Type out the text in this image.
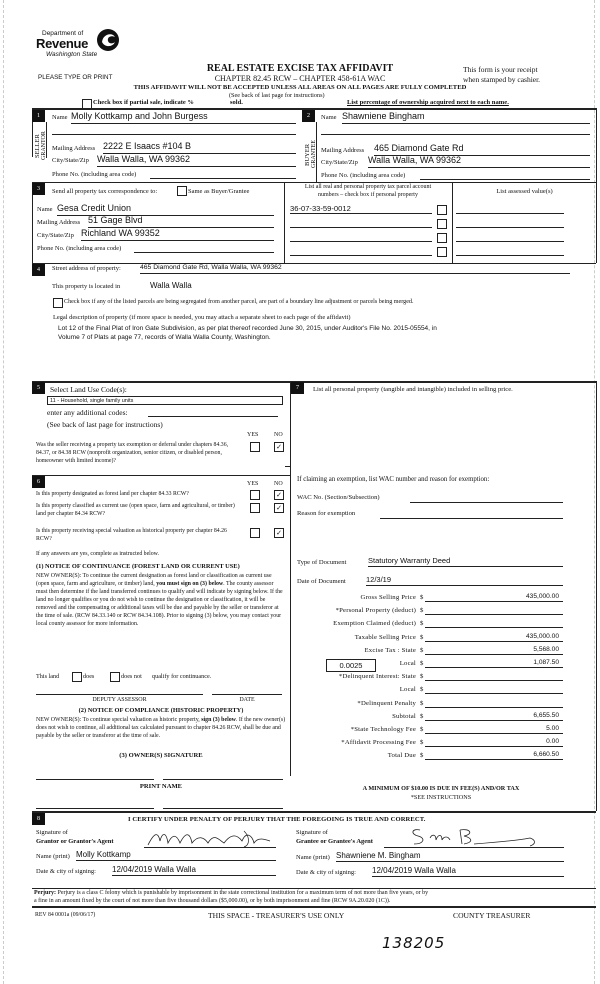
Department of
Revenue
Washington State
PLEASE TYPE OR PRINT
REAL ESTATE EXCISE TAX AFFIDAVIT
CHAPTER 82.45 RCW – CHAPTER 458-61A WAC
THIS AFFIDAVIT WILL NOT BE ACCEPTED UNLESS ALL AREAS ON ALL PAGES ARE FULLY COMPLETED
(See back of last page for instructions)
This form is your receipt
when stamped by cashier.
Check box if partial sale, indicate %	sold.	List percentage of ownership acquired next to each name.
1
SELLER GRANTOR
Name Molly Kottkamp and John Burgess
Mailing Address 2222 E Isaacs #104 B
City/State/Zip Walla Walla, WA 99362
Phone No. (including area code)
2
BUYER GRANTEE
Name Shawniene Bingham
Mailing Address 465 Diamond Gate Rd
City/State/Zip Walla Walla, WA 99362
Phone No. (including area code)
3	Send all property tax correspondence to:	Same as Buyer/Grantee
Name Gesa Credit Union
Mailing Address 51 Gage Blvd
City/State/Zip Richland WA 99352
Phone No. (including area code)
List all real and personal property tax parcel account
numbers – check box if personal property	List assessed value(s)
36-07-33-59-0012
4	Street address of property:	465 Diamond Gate Rd, Walla Walla, WA 99362
This property is located in	Walla Walla
Check box if any of the listed parcels are being segregated from another parcel, are part of a boundary line adjustment or parcels being merged.
Legal description of property (if more space is needed, you may attach a separate sheet to each page of the affidavit)
Lot 12 of the Final Plat of Iron Gate Subdivision, as per plat thereof recorded June 30, 2015, under Auditor's File No. 2015-05554, in
Volume 7 of Plats at page 77, records of Walla Walla County, Washington.
5	Select Land Use Code(s):
11 - Household, single family units
enter any additional codes:
(See back of last page for instructions)
YES	NO
Was the seller receiving a property tax exemption or deferral under chapters 84.36, 84.37, or 84.38 RCW (nonprofit organization, senior citizen, or disabled person, homeowner with limited income)?
✓
6	YES	NO
Is this property designated as forest land per chapter 84.33 RCW?	✓
Is this property classified as current use (open space, farm and agricultural, or timber) land per chapter 84.34 RCW?
✓
Is this property receiving special valuation as historical property per chapter 84.26 RCW?
✓
If any answers are yes, complete as instructed below.
(1) NOTICE OF CONTINUANCE (FOREST LAND OR CURRENT USE)
NEW OWNER(S): To continue the current designation as forest land or classification as current use (open space, farm and agriculture, or timber) land, you must sign on (3) below. The county assessor must then determine if the land transferred continues to qualify and will indicate by signing below. If the land no longer qualifies or you do not wish to continue the designation or classification, it will be removed and the compensating or additional taxes will be due and payable by the seller or transferor at the time of sale. (RCW 84.33.140 or RCW 84.34.108). Prior to signing (3) below, you may contact your local county assessor for more information.
This land	does	does not qualify for continuance.
DEPUTY ASSESSOR	DATE
(2) NOTICE OF COMPLIANCE (HISTORIC PROPERTY)
NEW OWNER(S): To continue special valuation as historic property, sign (3) below. If the new owner(s) does not wish to continue, all additional tax calculated pursuant to chapter 84.26 RCW, shall be due and payable by the seller or transferor at the time of sale.
(3) OWNER(S) SIGNATURE
PRINT NAME
7	List all personal property (tangible and intangible) included in selling price.
If claiming an exemption, list WAC number and reason for exemption:
WAC No. (Section/Subsection)
Reason for exemption
Type of Document	Statutory Warranty Deed
Date of Document	12/3/19
0.0025
Gross Selling Price $	435,000.00
*Personal Property (deduct) $
Exemption Claimed (deduct) $
Taxable Selling Price $	435,000.00
Excise Tax : State $	5,568.00
Local $	1,087.50
*Delinquent Interest: State $
Local $
*Delinquent Penalty $
Subtotal $	6,655.50
*State Technology Fee $	5.00
*Affidavit Processing Fee $	0.00
Total Due $	6,660.50
A MINIMUM OF $10.00 IS DUE IN FEE(S) AND/OR TAX
*SEE INSTRUCTIONS
8	I CERTIFY UNDER PENALTY OF PERJURY THAT THE FOREGOING IS TRUE AND CORRECT.
Signature of
Grantor or Grantor's Agent
Name (print) Molly Kottkamp
Date & city of signing: 12/04/2019 Walla Walla
Signature of
Grantee or Grantee's Agent
Name (print) Shawniene M. Bingham
Date & city of signing: 12/04/2019 Walla Walla
Perjury: Perjury is a class C felony which is punishable by imprisonment in the state correctional institution for a maximum term of not more than five years, or by
a fine in an amount fixed by the court of not more than five thousand dollars ($5,000.00), or by both imprisonment and fine (RCW 9A.20.020 (1C)).
REV 84 0001a (09/06/17)	THIS SPACE - TREASURER'S USE ONLY	COUNTY TREASURER
138205
